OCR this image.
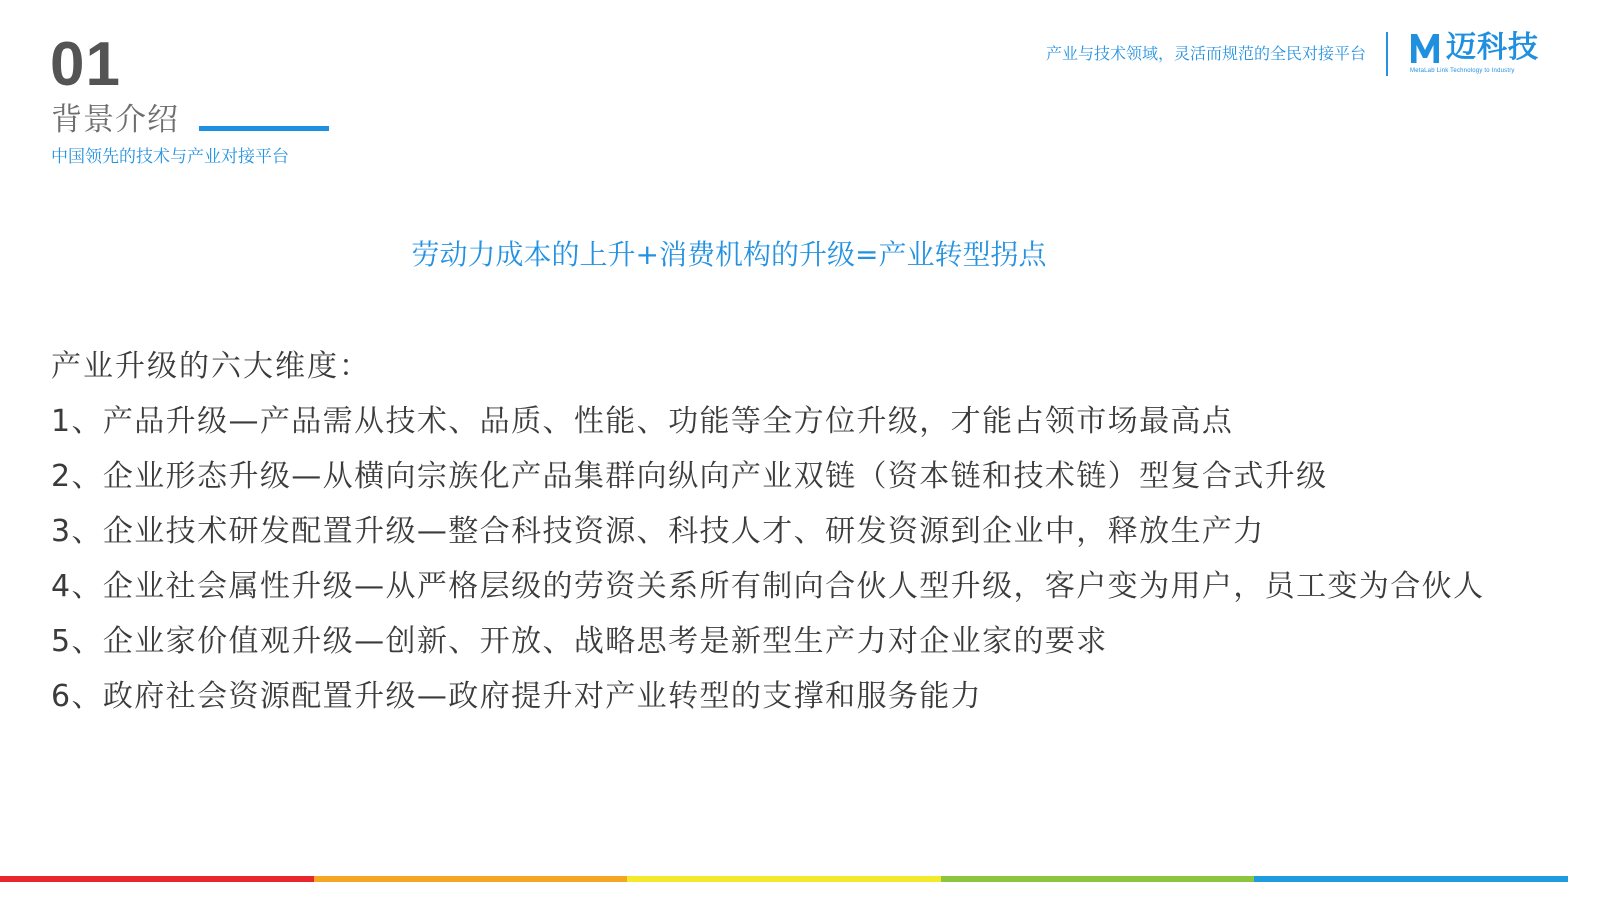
01
背景介绍
中国领先的技术与产业对接平台
产业与技术领域，灵活而规范的全民对接平台	迈科技
MetaLab Link Technology to Industry
劳动力成本的上升+消费机构的升级=产业转型拐点
产业升级的六大维度：
1、产品升级—产品需从技术、品质、性能、功能等全方位升级，才能占领市场最高点
2、企业形态升级—从横向宗族化产品集群向纵向产业双链（资本链和技术链）型复合式升级
3、企业技术研发配置升级—整合科技资源、科技人才、研发资源到企业中，释放生产力
4、企业社会属性升级—从严格层级的劳资关系所有制向合伙人型升级，客户变为用户，员工变为合伙人
5、企业家价值观升级—创新、开放、战略思考是新型生产力对企业家的要求
6、政府社会资源配置升级—政府提升对产业转型的支撑和服务能力
